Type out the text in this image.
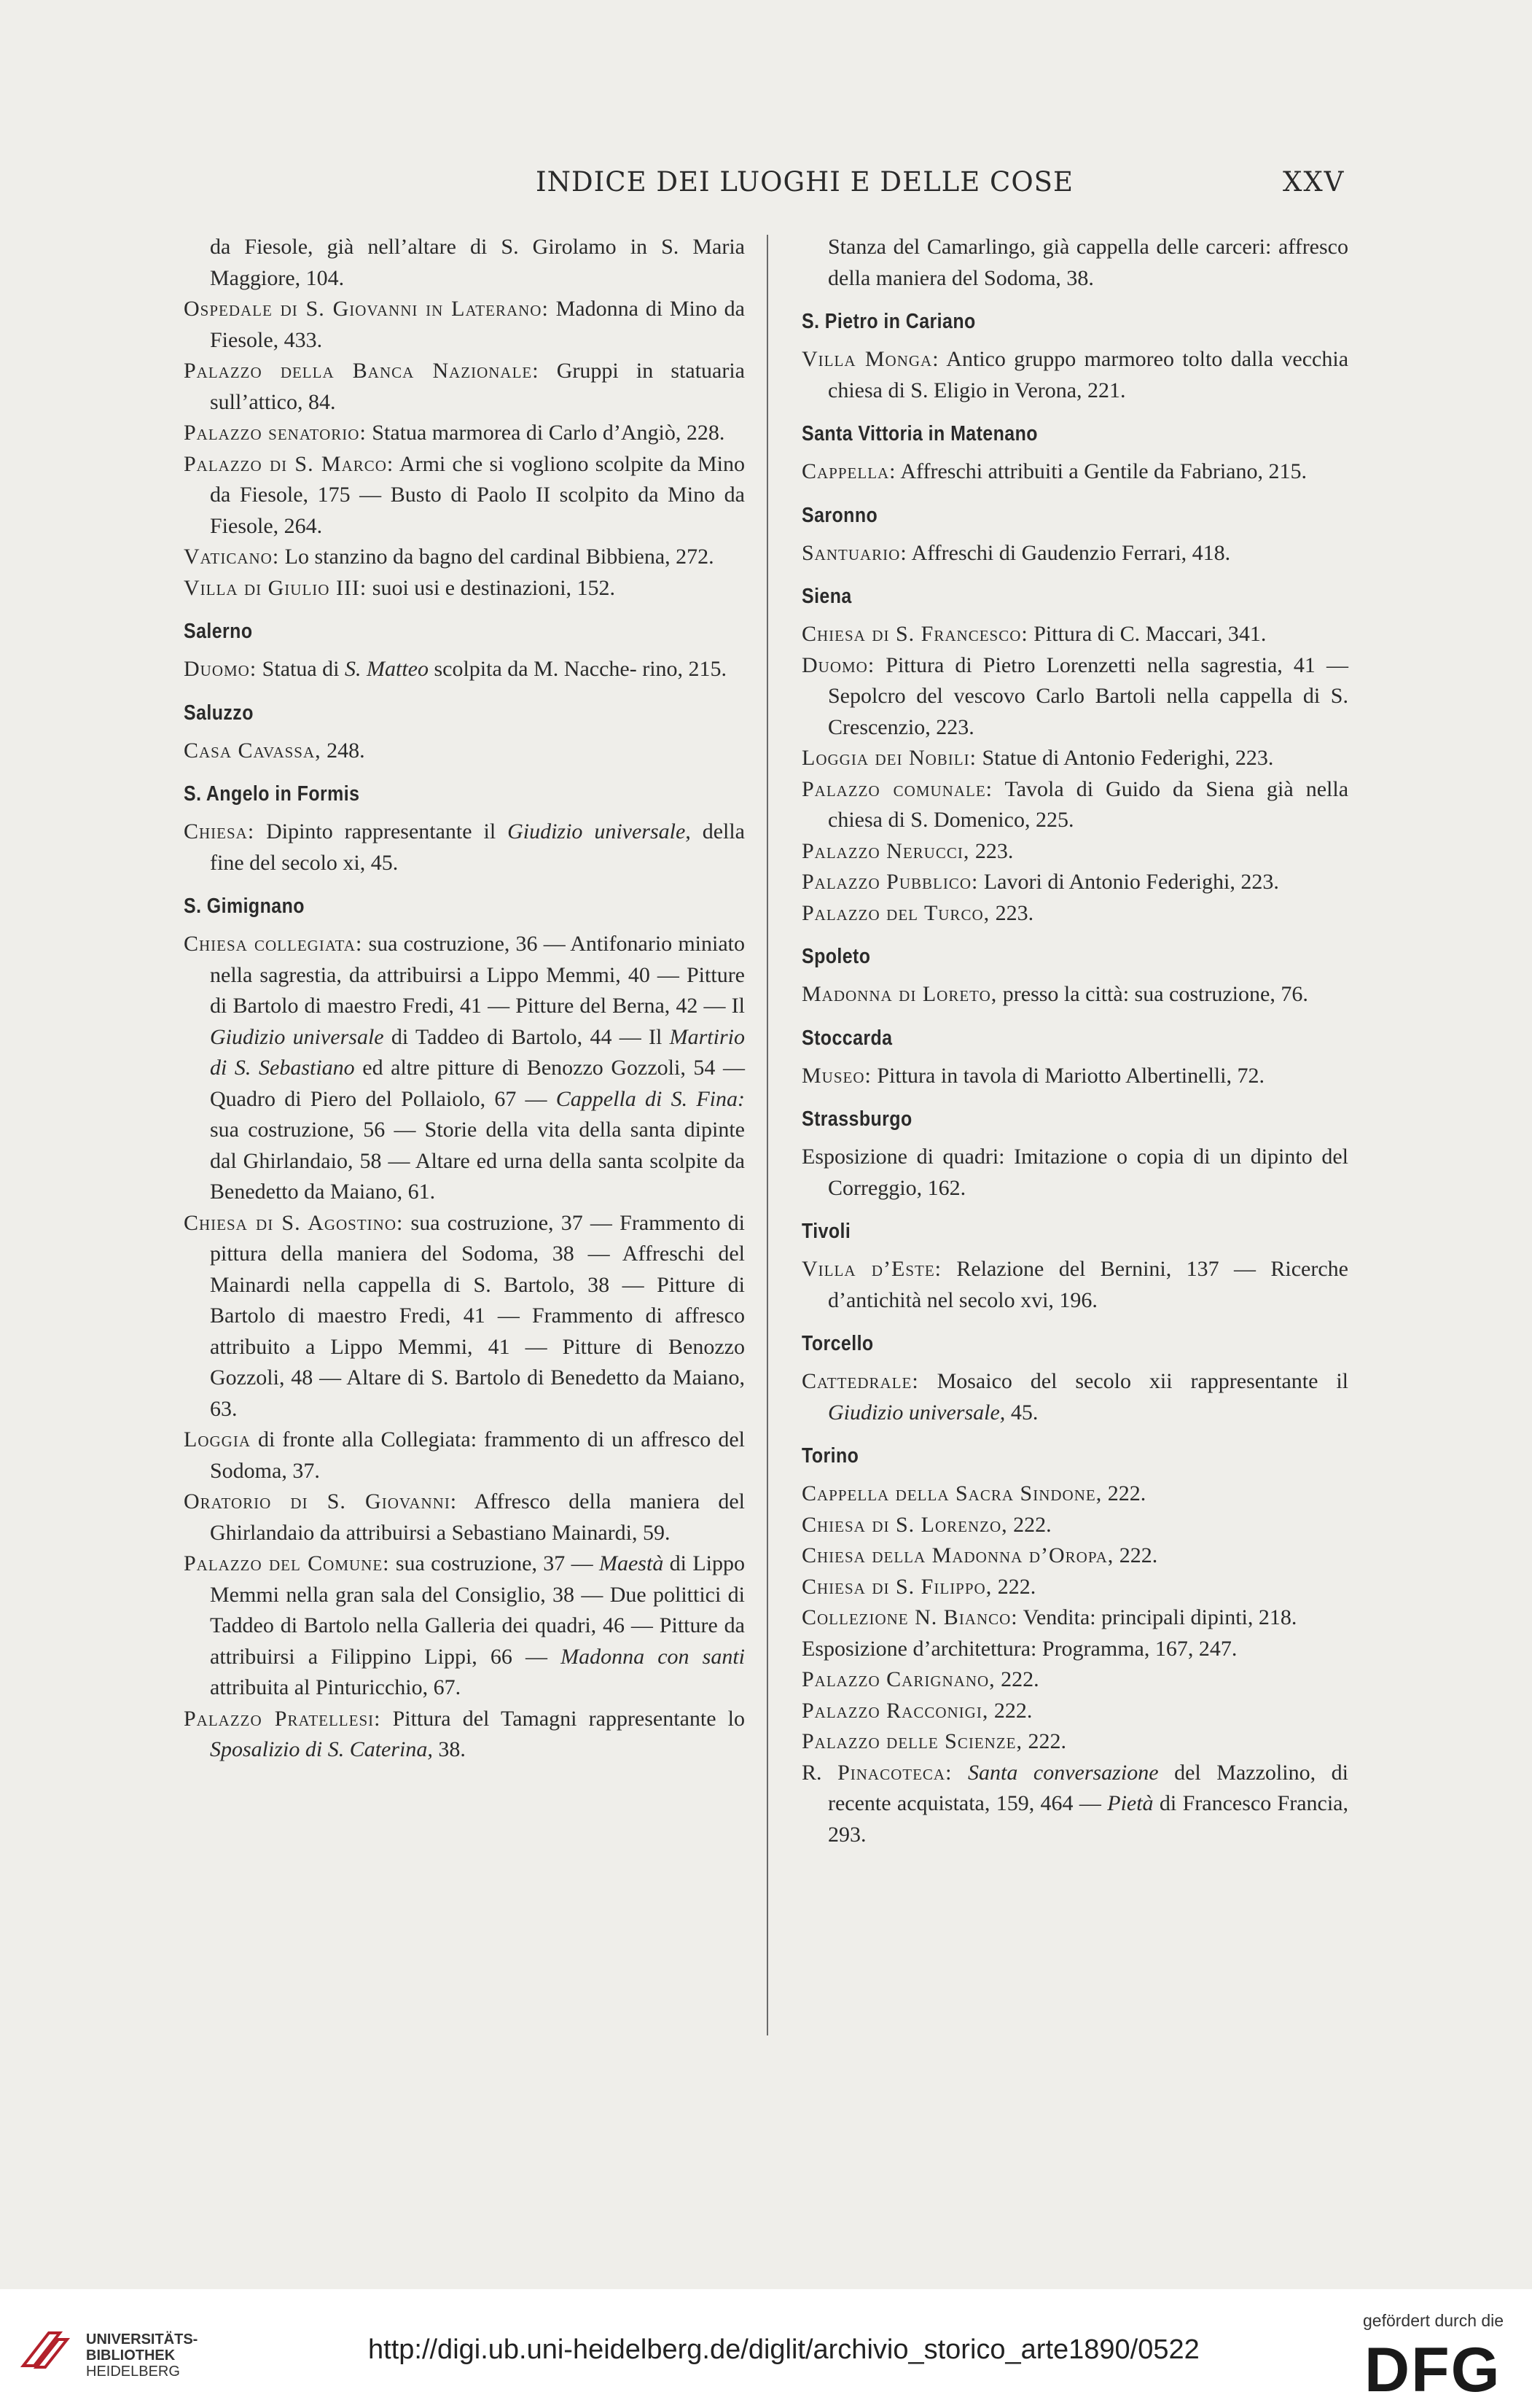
INDICE DEI LUOGHI E DELLE COSE	XXV

da Fiesole, già nell’altare di S. Girolamo in S. Maria Maggiore, 104.

Ospedale di S. Giovanni in Laterano: Madonna di Mino da Fiesole, 433.

Palazzo della Banca Nazionale: Gruppi in statuaria sull’attico, 84.

Palazzo senatorio: Statua marmorea di Carlo d’Angiò, 228.

Palazzo di S. Marco: Armi che si vogliono scolpite da Mino da Fiesole, 175 — Busto di Paolo II scolpito da Mino da Fiesole, 264.

Vaticano: Lo stanzino da bagno del cardinal Bibbiena, 272.

Villa di Giulio III: suoi usi e destinazioni, 152.

Salerno

Duomo: Statua di S. Matteo scolpita da M. Nacche- rino, 215.

Saluzzo

Casa Cavassa, 248.

S. Angelo in Formis

Chiesa: Dipinto rappresentante il Giudizio universale, della fine del secolo xi, 45.

S. Gimignano

Chiesa collegiata: sua costruzione, 36 — Antifonario miniato nella sagrestia, da attribuirsi a Lippo Memmi, 40 — Pitture di Bartolo di maestro Fredi, 41 — Pitture del Berna, 42 — Il Giudizio universale di Taddeo di Bartolo, 44 — Il Martirio di S. Sebastiano ed altre pitture di Benozzo Gozzoli, 54 — Quadro di Piero del Pollaiolo, 67 — Cappella di S. Fina: sua costruzione, 56 — Storie della vita della santa dipinte dal Ghirlandaio, 58 — Altare ed urna della santa scolpite da Benedetto da Maiano, 61.

Chiesa di S. Agostino: sua costruzione, 37 — Frammento di pittura della maniera del Sodoma, 38 — Affreschi del Mainardi nella cappella di S. Bartolo, 38 — Pitture di Bartolo di maestro Fredi, 41 — Frammento di affresco attribuito a Lippo Memmi, 41 — Pitture di Benozzo Gozzoli, 48 — Altare di S. Bartolo di Benedetto da Maiano, 63.

Loggia di fronte alla Collegiata: frammento di un affresco del Sodoma, 37.

Oratorio di S. Giovanni: Affresco della maniera del Ghirlandaio da attribuirsi a Sebastiano Mainardi, 59.

Palazzo del Comune: sua costruzione, 37 — Maestà di Lippo Memmi nella gran sala del Consiglio, 38 — Due polittici di Taddeo di Bartolo nella Galleria dei quadri, 46 — Pitture da attribuirsi a Filippino Lippi, 66 — Madonna con santi attribuita al Pinturicchio, 67.

Palazzo Pratellesi: Pittura del Tamagni rappresentante lo Sposalizio di S. Caterina, 38.

Stanza del Camarlingo, già cappella delle carceri: affresco della maniera del Sodoma, 38.

S. Pietro in Cariano

Villa Monga: Antico gruppo marmoreo tolto dalla vecchia chiesa di S. Eligio in Verona, 221.

Santa Vittoria in Matenano

Cappella: Affreschi attribuiti a Gentile da Fabriano, 215.

Saronno

Santuario: Affreschi di Gaudenzio Ferrari, 418.

Siena

Chiesa di S. Francesco: Pittura di C. Maccari, 341.

Duomo: Pittura di Pietro Lorenzetti nella sagrestia, 41 — Sepolcro del vescovo Carlo Bartoli nella cappella di S. Crescenzio, 223.

Loggia dei Nobili: Statue di Antonio Federighi, 223.

Palazzo comunale: Tavola di Guido da Siena già nella chiesa di S. Domenico, 225.

Palazzo Nerucci, 223.

Palazzo Pubblico: Lavori di Antonio Federighi, 223.

Palazzo del Turco, 223.

Spoleto

Madonna di Loreto, presso la città: sua costruzione, 76.

Stoccarda

Museo: Pittura in tavola di Mariotto Albertinelli, 72.

Strassburgo

Esposizione di quadri: Imitazione o copia di un dipinto del Correggio, 162.

Tivoli

Villa d’Este: Relazione del Bernini, 137 — Ricerche d’antichità nel secolo xvi, 196.

Torcello

Cattedrale: Mosaico del secolo xii rappresentante il Giudizio universale, 45.

Torino

Cappella della Sacra Sindone, 222.

Chiesa di S. Lorenzo, 222.

Chiesa della Madonna d’Oropa, 222.

Chiesa di S. Filippo, 222.

Collezione N. Bianco: Vendita: principali dipinti, 218.

Esposizione d’architettura: Programma, 167, 247.

Palazzo Carignano, 222.

Palazzo Racconigi, 222.

Palazzo delle Scienze, 222.

R. Pinacoteca: Santa conversazione del Mazzolino, di recente acquistata, 159, 464 — Pietà di Francesco Francia, 293.

UNIVERSITÄTS-
BIBLIOTHEK
HEIDELBERG
http://digi.ub.uni-heidelberg.de/diglit/archivio_storico_arte1890/0522
gefördert durch die
DFG
